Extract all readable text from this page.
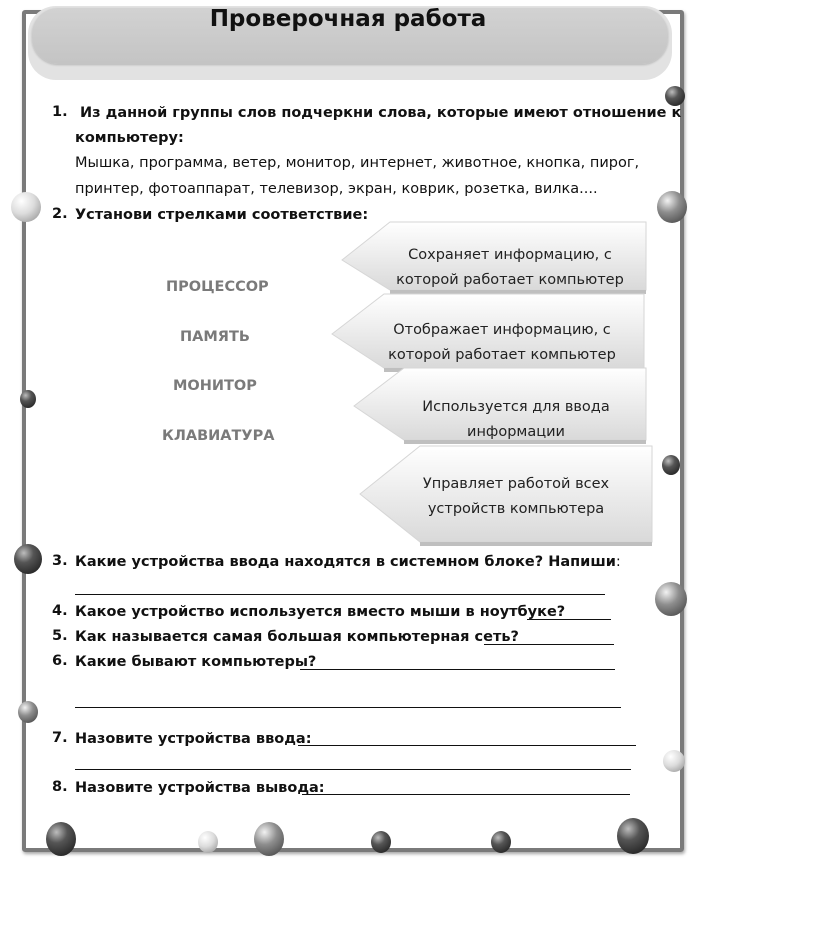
Проверочная работа
1. Из данной группы слов подчеркни слова, которые имеют отношение к
компьютеру:
Мышка, программа, ветер, монитор, интернет, животное, кнопка, пирог,
принтер, фотоаппарат, телевизор, экран, коврик, розетка, вилка....
2. Установи стрелками соответствие:
ПРОЦЕССОР
ПАМЯТЬ
МОНИТОР
КЛАВИАТУРА
Сохраняет информацию, с
которой работает компьютер
Отображает информацию, с
которой работает компьютер
Используется для ввода
информации
Управляет работой всех
устройств компьютера
3. Какие устройства ввода находятся в системном блоке? Напиши:
4. Какое устройство используется вместо мыши в ноутбуке?
5. Как называется самая большая компьютерная сеть?
6. Какие бывают компьютеры?
7. Назовите устройства ввода:
8. Назовите устройства вывода:
